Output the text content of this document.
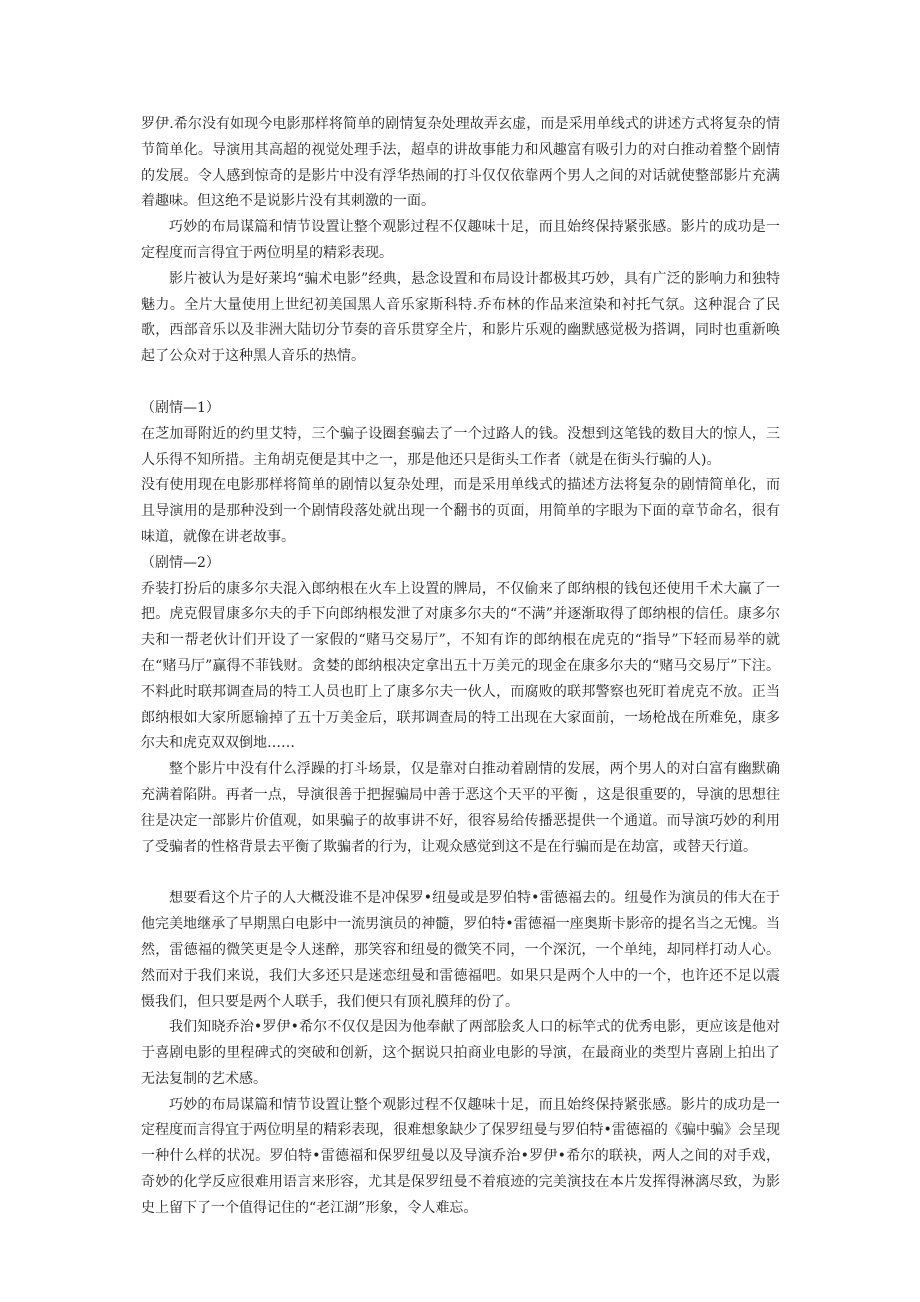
罗伊.希尔没有如现今电影那样将简单的剧情复杂处理故弄玄虚，而是采用单线式的讲述方式将复杂的情节简单化。导演用其高超的视觉处理手法，超卓的讲故事能力和风趣富有吸引力的对白推动着整个剧情的发展。令人感到惊奇的是影片中没有浮华热闹的打斗仅仅依靠两个男人之间的对话就使整部影片充满着趣味。但这绝不是说影片没有其刺激的一面。

巧妙的布局谋篇和情节设置让整个观影过程不仅趣味十足，而且始终保持紧张感。影片的成功是一定程度而言得宜于两位明星的精彩表现。

影片被认为是好莱坞“骗术电影”经典，悬念设置和布局设计都极其巧妙，具有广泛的影响力和独特魅力。全片大量使用上世纪初美国黑人音乐家斯科特.乔布林的作品来渲染和衬托气氛。这种混合了民歌，西部音乐以及非洲大陆切分节奏的音乐贯穿全片，和影片乐观的幽默感觉极为搭调，同时也重新唤起了公众对于这种黑人音乐的热情。

（剧情—1）

在芝加哥附近的约里艾特，三个骗子设圈套骗去了一个过路人的钱。没想到这笔钱的数目大的惊人，三人乐得不知所措。主角胡克便是其中之一，那是他还只是街头工作者（就是在街头行骗的人)。

没有使用现在电影那样将简单的剧情以复杂处理，而是采用单线式的描述方法将复杂的剧情简单化，而且导演用的是那种没到一个剧情段落处就出现一个翻书的页面，用简单的字眼为下面的章节命名，很有味道，就像在讲老故事。

（剧情—2）

乔装打扮后的康多尔夫混入郎纳根在火车上设置的牌局，不仅偷来了郎纳根的钱包还使用千术大赢了一把。虎克假冒康多尔夫的手下向郎纳根发泄了对康多尔夫的“不满”并逐渐取得了郎纳根的信任。康多尔夫和一帮老伙计们开设了一家假的“赌马交易厅”，不知有诈的郎纳根在虎克的“指导”下轻而易举的就在“赌马厅”赢得不菲钱财。贪婪的郎纳根决定拿出五十万美元的现金在康多尔夫的“赌马交易厅”下注。不料此时联邦调查局的特工人员也盯上了康多尔夫一伙人，而腐败的联邦警察也死盯着虎克不放。正当郎纳根如大家所愿输掉了五十万美金后，联邦调查局的特工出现在大家面前，一场枪战在所难免，康多尔夫和虎克双双倒地……

整个影片中没有什么浮躁的打斗场景，仅是靠对白推动着剧情的发展，两个男人的对白富有幽默确充满着陷阱。再者一点，导演很善于把握骗局中善于恶这个天平的平衡 ，这是很重要的，导演的思想往往是决定一部影片价值观，如果骗子的故事讲不好，很容易给传播恶提供一个通道。而导演巧妙的利用了受骗者的性格背景去平衡了欺骗者的行为，让观众感觉到这不是在行骗而是在劫富，或替天行道。

想要看这个片子的人大概没谁不是冲保罗•纽曼或是罗伯特•雷德福去的。纽曼作为演员的伟大在于他完美地继承了早期黑白电影中一流男演员的神髓，罗伯特•雷德福一座奥斯卡影帝的提名当之无愧。当然，雷德福的微笑更是令人迷醉，那笑容和纽曼的微笑不同，一个深沉，一个单纯，却同样打动人心。然而对于我们来说，我们大多还只是迷恋纽曼和雷德福吧。如果只是两个人中的一个，也许还不足以震慑我们，但只要是两个人联手，我们便只有顶礼膜拜的份了。

我们知晓乔治•罗伊•希尔不仅仅是因为他奉献了两部脍炙人口的标竿式的优秀电影，更应该是他对于喜剧电影的里程碑式的突破和创新，这个据说只拍商业电影的导演，在最商业的类型片喜剧上拍出了无法复制的艺术感。

巧妙的布局谋篇和情节设置让整个观影过程不仅趣味十足，而且始终保持紧张感。影片的成功是一定程度而言得宜于两位明星的精彩表现，很难想象缺少了保罗纽曼与罗伯特•雷德福的《骗中骗》会呈现一种什么样的状况。罗伯特•雷德福和保罗纽曼以及导演乔治•罗伊•希尔的联袂，两人之间的对手戏，奇妙的化学反应很难用语言来形容，尤其是保罗纽曼不着痕迹的完美演技在本片发挥得淋漓尽致，为影史上留下了一个值得记住的“老江湖”形象，令人难忘。
